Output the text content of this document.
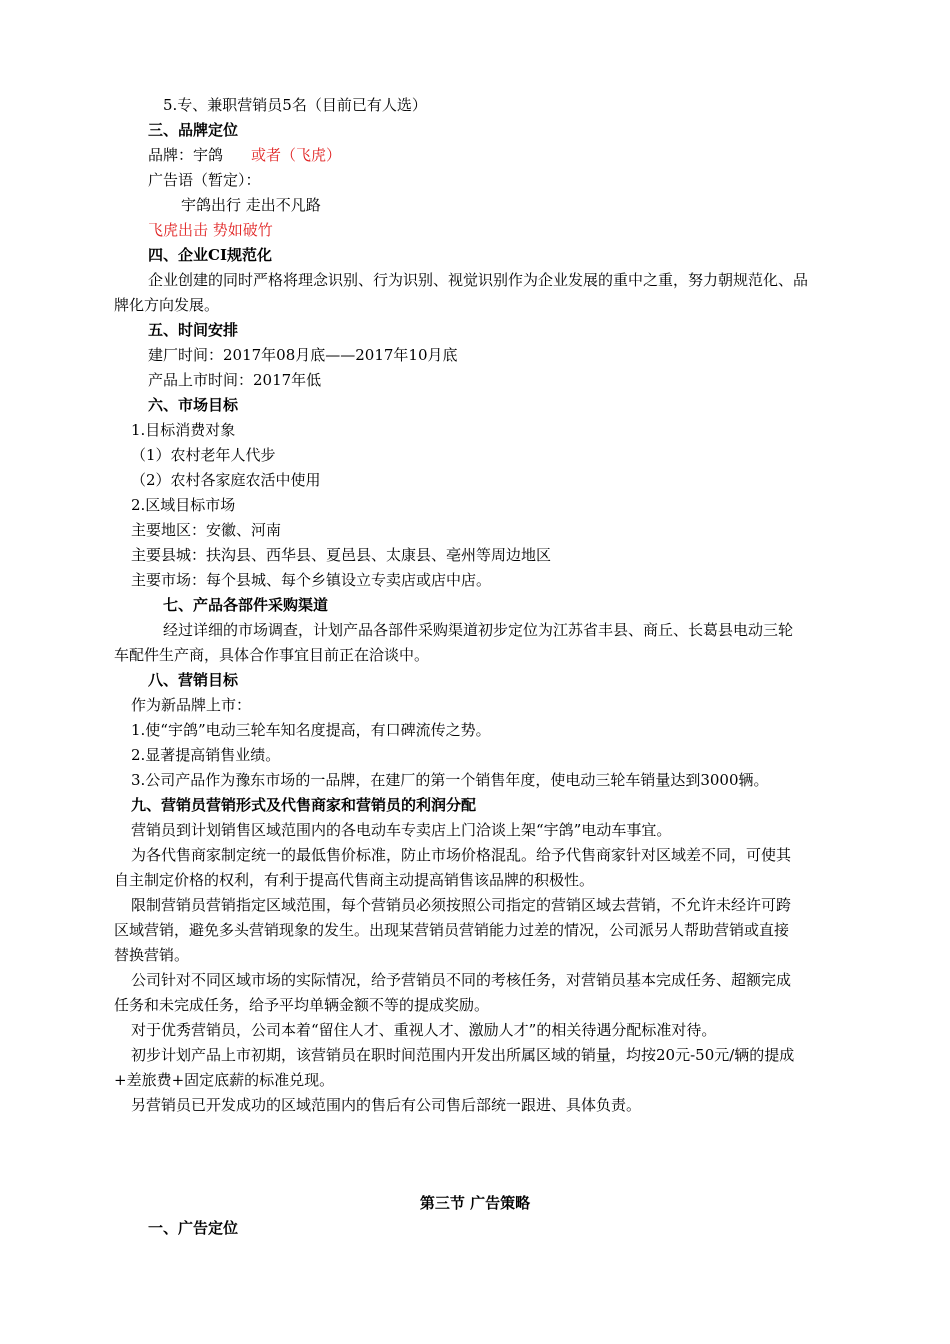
5.专、兼职营销员5名（目前已有人选）
三、品牌定位
品牌：宇鸽 或者（飞虎）
广告语（暂定）：
宇鸽出行 走出不凡路
飞虎出击 势如破竹
四、企业CI规范化
企业创建的同时严格将理念识别、行为识别、视觉识别作为企业发展的重中之重，努力朝规范化、品
牌化方向发展。
五、时间安排
建厂时间：2017年08月底——2017年10月底
产品上市时间：2017年低
六、市场目标
1.目标消费对象
（1）农村老年人代步
（2）农村各家庭农活中使用
2.区域目标市场
主要地区：安徽、河南
主要县城：扶沟县、西华县、夏邑县、太康县、亳州等周边地区
主要市场：每个县城、每个乡镇设立专卖店或店中店。
七、产品各部件采购渠道
经过详细的市场调查，计划产品各部件采购渠道初步定位为江苏省丰县、商丘、长葛县电动三轮
车配件生产商，具体合作事宜目前正在洽谈中。
八、营销目标
作为新品牌上市：
1.使“宇鸽”电动三轮车知名度提高，有口碑流传之势。
2.显著提高销售业绩。
3.公司产品作为豫东市场的一品牌，在建厂的第一个销售年度，使电动三轮车销量达到3000辆。
九、营销员营销形式及代售商家和营销员的利润分配
营销员到计划销售区域范围内的各电动车专卖店上门洽谈上架“宇鸽”电动车事宜。
为各代售商家制定统一的最低售价标准，防止市场价格混乱。给予代售商家针对区域差不同，可使其
自主制定价格的权利，有利于提高代售商主动提高销售该品牌的积极性。
限制营销员营销指定区域范围，每个营销员必须按照公司指定的营销区域去营销，不允许未经许可跨
区域营销，避免多头营销现象的发生。出现某营销员营销能力过差的情况，公司派另人帮助营销或直接
替换营销。
公司针对不同区域市场的实际情况，给予营销员不同的考核任务，对营销员基本完成任务、超额完成
任务和未完成任务，给予平均单辆金额不等的提成奖励。
对于优秀营销员，公司本着“留住人才、重视人才、激励人才”的相关待遇分配标准对待。
初步计划产品上市初期，该营销员在职时间范围内开发出所属区域的销量，均按20元-50元/辆的提成
+差旅费+固定底薪的标准兑现。
另营销员已开发成功的区域范围内的售后有公司售后部统一跟进、具体负责。
第三节 广告策略
一、广告定位
